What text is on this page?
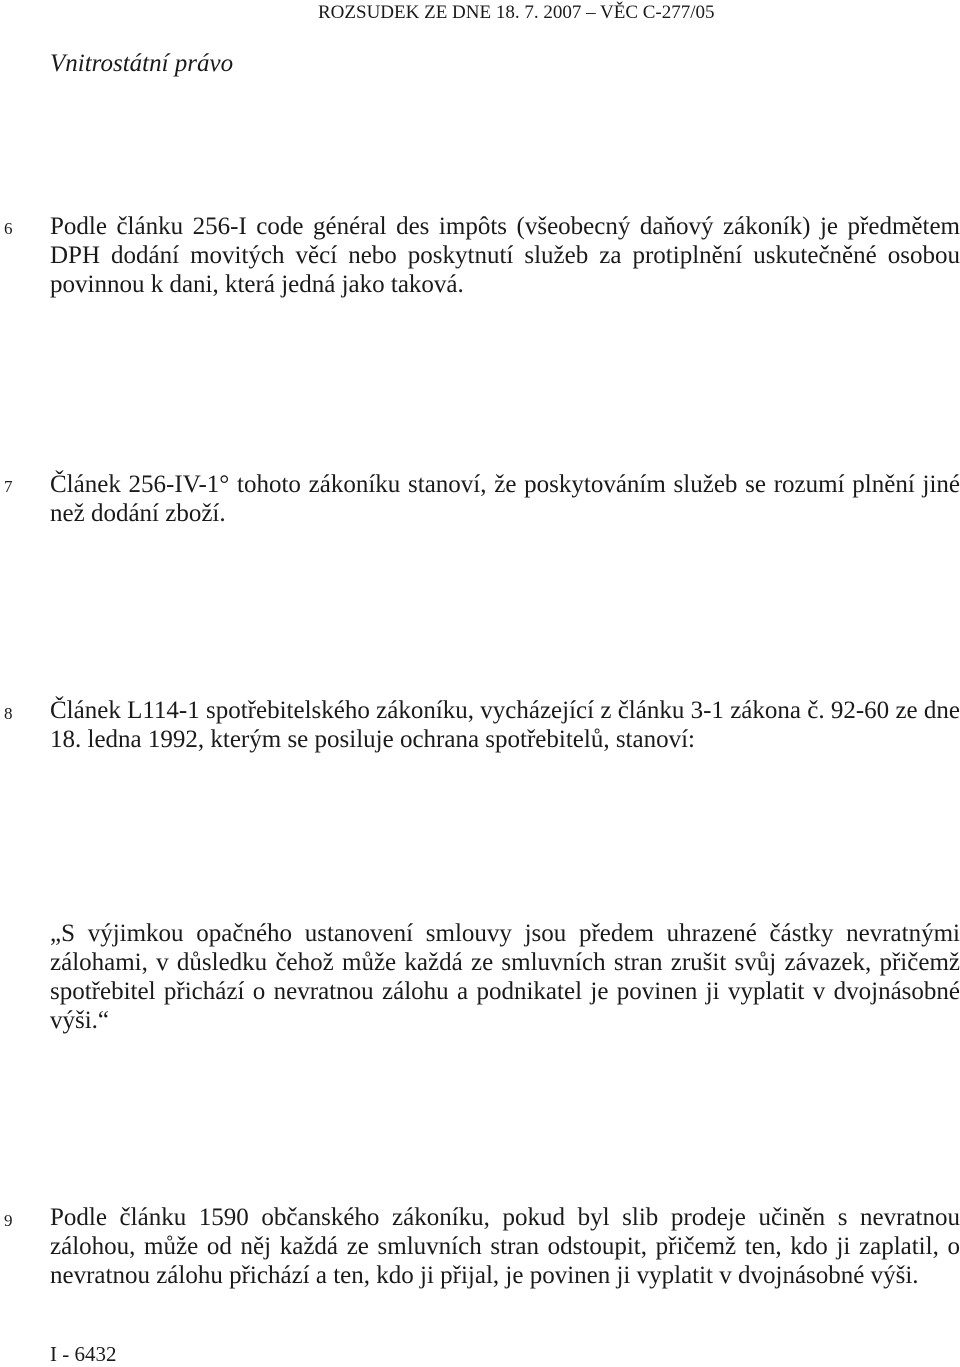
ROZSUDEK ZE DNE 18. 7. 2007 – VĚC C-277/05
Vnitrostátní právo
6 Podle článku 256-I code général des impôts (všeobecný daňový zákoník) je předmětem DPH dodání movitých věcí nebo poskytnutí služeb za protiplnění uskutečněné osobou povinnou k dani, která jedná jako taková.
7 Článek 256-IV-1° tohoto zákoníku stanoví, že poskytováním služeb se rozumí plnění jiné než dodání zboží.
8 Článek L114-1 spotřebitelského zákoníku, vycházející z článku 3-1 zákona č. 92-60 ze dne 18. ledna 1992, kterým se posiluje ochrana spotřebitelů, stanoví:
„S výjimkou opačného ustanovení smlouvy jsou předem uhrazené částky nevratnými zálohami, v důsledku čehož může každá ze smluvních stran zrušit svůj závazek, přičemž spotřebitel přichází o nevratnou zálohu a podnikatel je povinen ji vyplatit v dvojnásobné výši.“
9 Podle článku 1590 občanského zákoníku, pokud byl slib prodeje učiněn s nevratnou zálohou, může od něj každá ze smluvních stran odstoupit, přičemž ten, kdo ji zaplatil, o nevratnou zálohu přichází a ten, kdo ji přijal, je povinen ji vyplatit v dvojnásobné výši.
I - 6432
